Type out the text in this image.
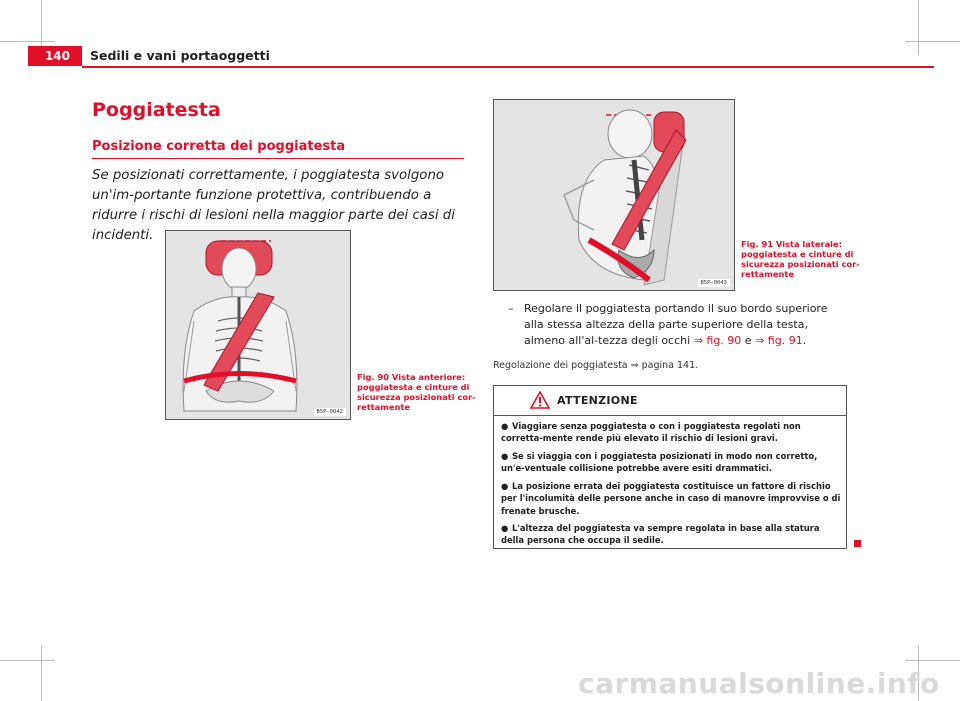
140	Sedili e vani portaoggetti
Poggiatesta
Posizione corretta dei poggiatesta
Se posizionati correttamente, i poggiatesta svolgono un'im-portante funzione protettiva, contribuendo a ridurre i rischi di lesioni nella maggior parte dei casi di incidenti.
B5P-0042
Fig. 90 Vista anteriore:
poggiatesta e cinture di
sicurezza posizionati cor-
rettamente
B5P-0043
Fig. 91 Vista laterale:
poggiatesta e cinture di
sicurezza posizionati cor-
rettamente
– Regolare il poggiatesta portando il suo bordo superiore alla stessa altezza della parte superiore della testa, almeno all'al-tezza degli occhi ⇒ fig. 90 e ⇒ fig. 91.
Regolazione dei poggiatesta ⇒ pagina 141.
ATTENZIONE
● Viaggiare senza poggiatesta o con i poggiatesta regolati non corretta-mente rende più elevato il rischio di lesioni gravi.
● Se si viaggia con i poggiatesta posizionati in modo non corretto, un'e-ventuale collisione potrebbe avere esiti drammatici.
● La posizione errata dei poggiatesta costituisce un fattore di rischio per l'incolumità delle persone anche in caso di manovre improvvise o di frenate brusche.
● L'altezza del poggiatesta va sempre regolata in base alla statura della persona che occupa il sedile.
carmanualsonline.info
